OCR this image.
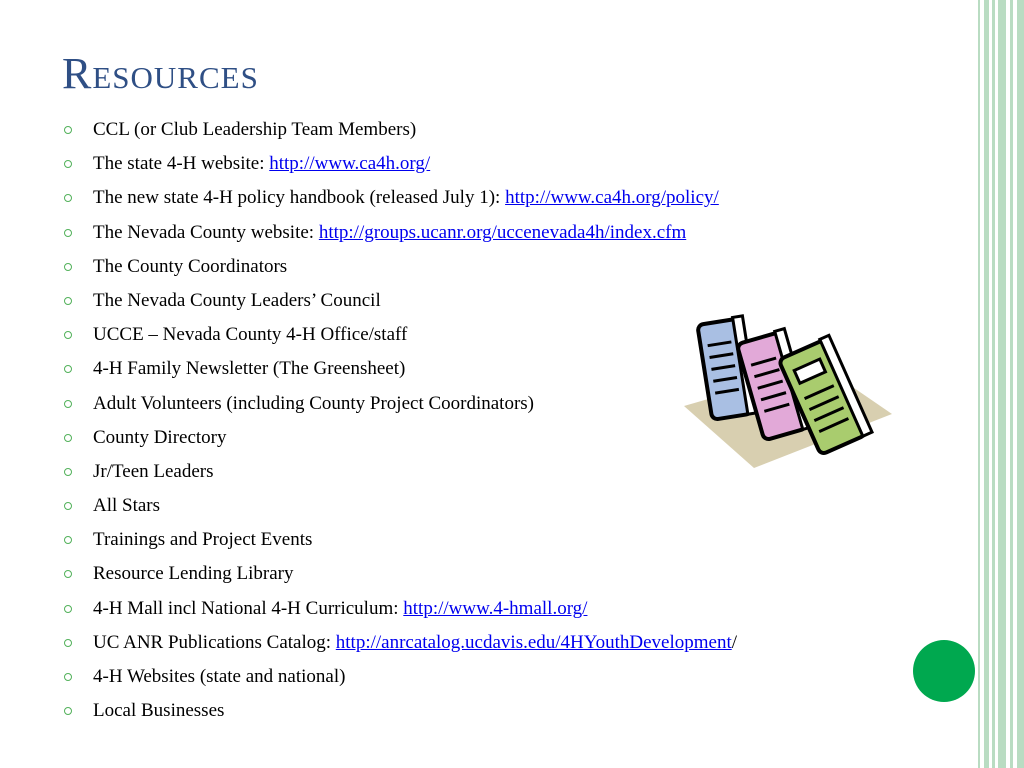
Resources
CCL (or Club Leadership Team Members)
The state 4-H website: http://www.ca4h.org/
The new state 4-H policy handbook (released July 1): http://www.ca4h.org/policy/
The Nevada County website: http://groups.ucanr.org/uccenevada4h/index.cfm
The County Coordinators
The Nevada County Leaders’ Council
UCCE – Nevada County 4-H Office/staff
4-H Family Newsletter (The Greensheet)
Adult Volunteers (including County Project Coordinators)
County Directory
Jr/Teen Leaders
All Stars
Trainings and Project Events
Resource Lending Library
4-H Mall incl National 4-H Curriculum: http://www.4-hmall.org/
UC ANR Publications Catalog: http://anrcatalog.ucdavis.edu/4HYouthDevelopment/
4-H Websites (state and national)
Local Businesses
